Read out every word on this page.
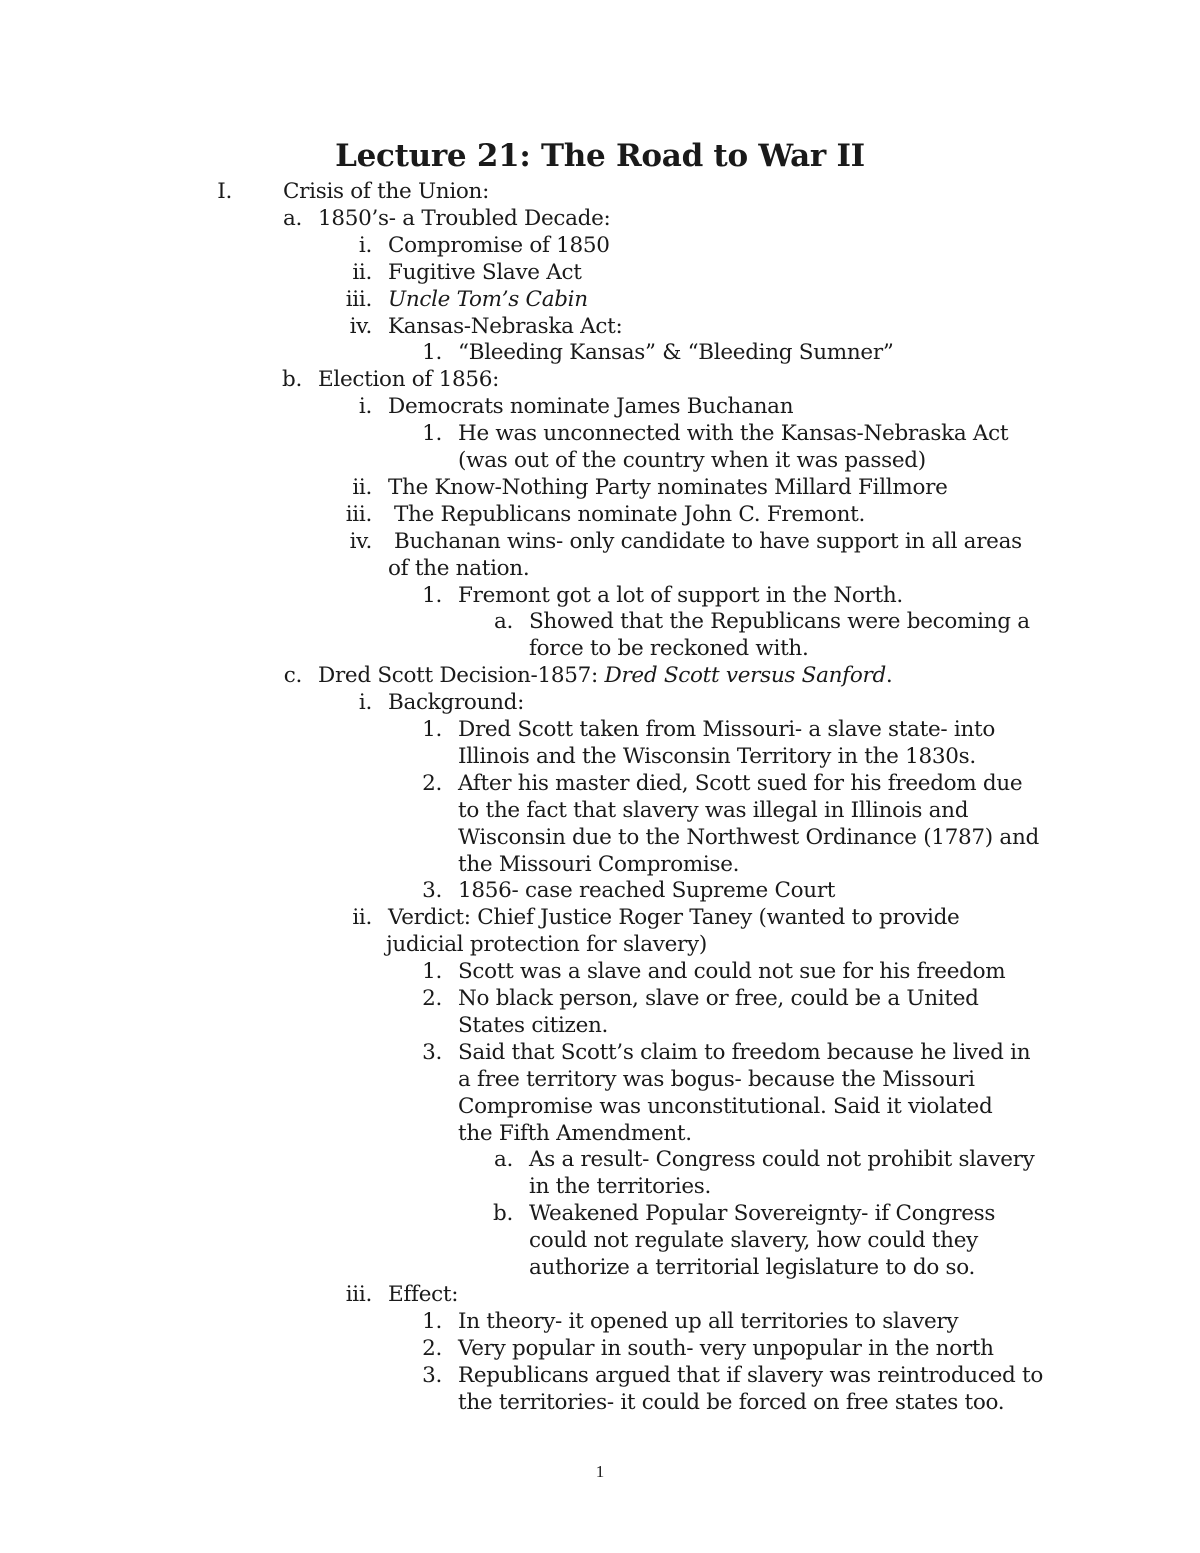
Lecture 21: The Road to War II
I. Crisis of the Union:
a. 1850’s- a Troubled Decade:
i. Compromise of 1850
ii. Fugitive Slave Act
iii. Uncle Tom’s Cabin
iv. Kansas-Nebraska Act:
1. “Bleeding Kansas” & “Bleeding Sumner”
b. Election of 1856:
i. Democrats nominate James Buchanan
1. He was unconnected with the Kansas-Nebraska Act
(was out of the country when it was passed)
ii. The Know-Nothing Party nominates Millard Fillmore
iii. The Republicans nominate John C. Fremont.
iv. Buchanan wins- only candidate to have support in all areas
of the nation.
1. Fremont got a lot of support in the North.
a. Showed that the Republicans were becoming a
force to be reckoned with.
c. Dred Scott Decision-1857: Dred Scott versus Sanford.
i. Background:
1. Dred Scott taken from Missouri- a slave state- into
Illinois and the Wisconsin Territory in the 1830s.
2. After his master died, Scott sued for his freedom due
to the fact that slavery was illegal in Illinois and
Wisconsin due to the Northwest Ordinance (1787) and
the Missouri Compromise.
3. 1856- case reached Supreme Court
ii. Verdict: Chief Justice Roger Taney (wanted to provide
judicial protection for slavery)
1. Scott was a slave and could not sue for his freedom
2. No black person, slave or free, could be a United
States citizen.
3. Said that Scott’s claim to freedom because he lived in
a free territory was bogus- because the Missouri
Compromise was unconstitutional. Said it violated
the Fifth Amendment.
a. As a result- Congress could not prohibit slavery
in the territories.
b. Weakened Popular Sovereignty- if Congress
could not regulate slavery, how could they
authorize a territorial legislature to do so.
iii. Effect:
1. In theory- it opened up all territories to slavery
2. Very popular in south- very unpopular in the north
3. Republicans argued that if slavery was reintroduced to
the territories- it could be forced on free states too.
1
